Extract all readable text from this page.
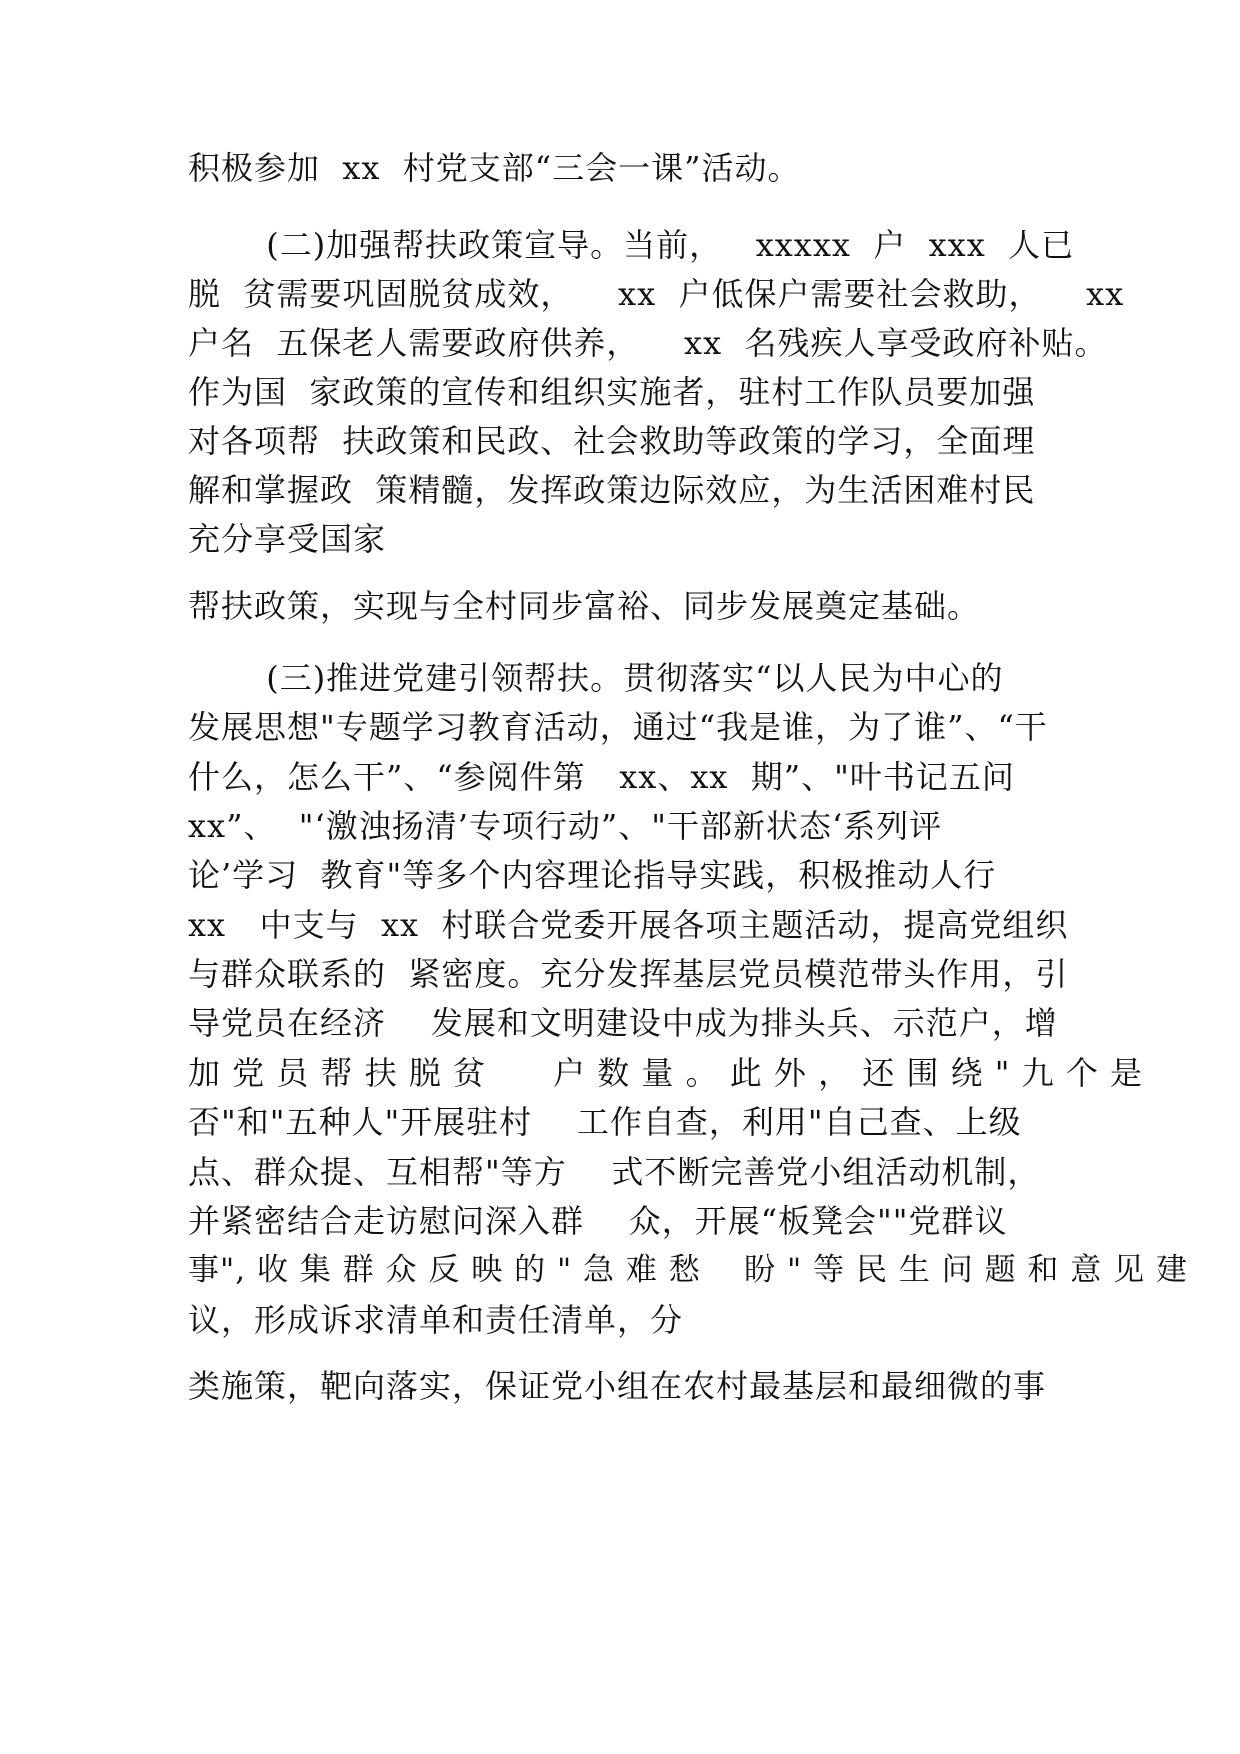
积极参加  xx  村党支部“三会一课”活动。
(二)加强帮扶政策宣导。当前，   xxxxx  户  xxx  人已
脱  贫需要巩固脱贫成效，    xx  户低保户需要社会救助，    xx
户名  五保老人需要政府供养，    xx  名残疾人享受政府补贴。
作为国  家政策的宣传和组织实施者，驻村工作队员要加强
对各项帮  扶政策和民政、社会救助等政策的学习，全面理
解和掌握政  策精髓，发挥政策边际效应，为生活困难村民
充分享受国家
帮扶政策，实现与全村同步富裕、同步发展奠定基础。
(三)推进党建引领帮扶。贯彻落实“以人民为中心的
发展思想"专题学习教育活动，通过“我是谁，为了谁”、“干
什么，怎么干”、“参阅件第   xx、xx  期”、"叶书记五问
xx”、  "‘激浊扬清’专项行动”、"干部新状态‘系列评
论’学习  教育"等多个内容理论指导实践，积极推动人行
xx   中支与  xx  村联合党委开展各项主题活动，提高党组织
与群众联系的  紧密度。充分发挥基层党员模范带头作用，引
导党员在经济    发展和文明建设中成为排头兵、示范户，增
加 党 员 帮 扶 脱 贫      户 数 量 。 此 外 ， 还 围 绕 " 九 个 是
否"和"五种人"开展驻村    工作自查，利用"自己查、上级
点、群众提、互相帮"等方    式不断完善党小组活动机制，
并紧密结合走访慰问深入群    众，开展“板凳会""党群议
事", 收 集 群 众 反 映 的 " 急 难 愁    盼 " 等 民 生 问 题 和 意 见 建
议，形成诉求清单和责任清单，分
类施策，靶向落实，保证党小组在农村最基层和最细微的事
